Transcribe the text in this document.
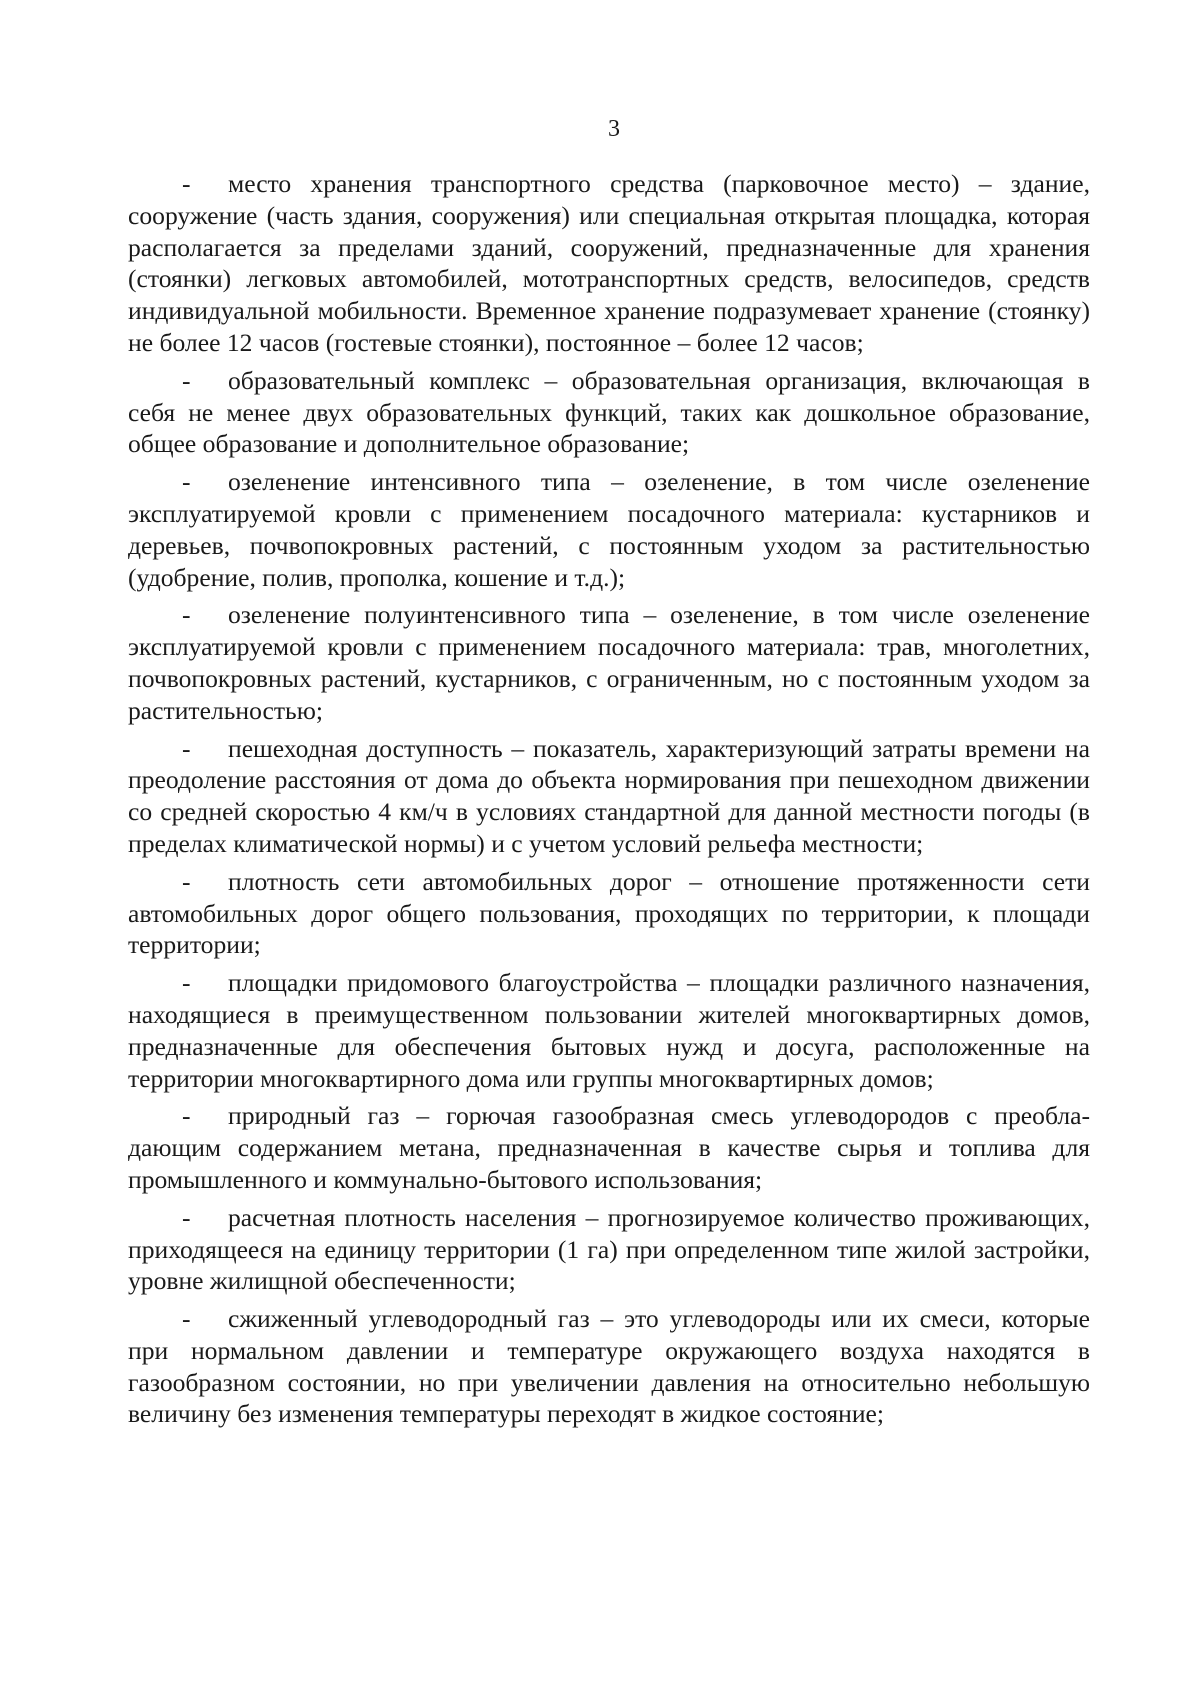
3

- место хранения транспортного средства (парковочное место) – здание, сооружение (часть здания, сооружения) или специальная открытая площадка, которая располагается за пределами зданий, сооружений, предназначенные для хранения (стоянки) легковых автомобилей, мототранспортных средств, велосипедов, средств индивидуальной мобильности. Временное хранение подразумевает хранение (стоянку) не более 12 часов (гостевые стоянки), постоянное – более 12 часов;

- образовательный комплекс – образовательная организация, включающая в себя не менее двух образовательных функций, таких как дошкольное образование, общее образование и дополнительное образование;

- озеленение интенсивного типа – озеленение, в том числе озеленение эксплуатируемой кровли с применением посадочного материала: кустарников и деревьев, почвопокровных растений, с постоянным уходом за растительностью (удобрение, полив, прополка, кошение и т.д.);

- озеленение полуинтенсивного типа – озеленение, в том числе озеленение эксплуатируемой кровли с применением посадочного материала: трав, многолетних, почвопокровных растений, кустарников, с ограниченным, но с постоянным уходом за растительностью;

- пешеходная доступность – показатель, характеризующий затраты времени на преодоление расстояния от дома до объекта нормирования при пешеходном движении со средней скоростью 4 км/ч в условиях стандартной для данной местности погоды (в пределах климатической нормы) и с учетом условий рельефа местности;

- плотность сети автомобильных дорог – отношение протяженности сети автомобильных дорог общего пользования, проходящих по территории, к площади территории;

- площадки придомового благоустройства – площадки различного назначения, находящиеся в преимущественном пользовании жителей многоквартирных домов, предназначенные для обеспечения бытовых нужд и досуга, расположенные на территории многоквартирного дома или группы многоквартирных домов;

- природный газ – горючая газообразная смесь углеводородов с преобладающим содержанием метана, предназначенная в качестве сырья и топлива для промышленного и коммунально-бытового использования;

- расчетная плотность населения – прогнозируемое количество проживающих, приходящееся на единицу территории (1 га) при определенном типе жилой застройки, уровне жилищной обеспеченности;

- сжиженный углеводородный газ – это углеводороды или их смеси, которые при нормальном давлении и температуре окружающего воздуха находятся в газообразном состоянии, но при увеличении давления на относительно небольшую величину без изменения температуры переходят в жидкое состояние;
